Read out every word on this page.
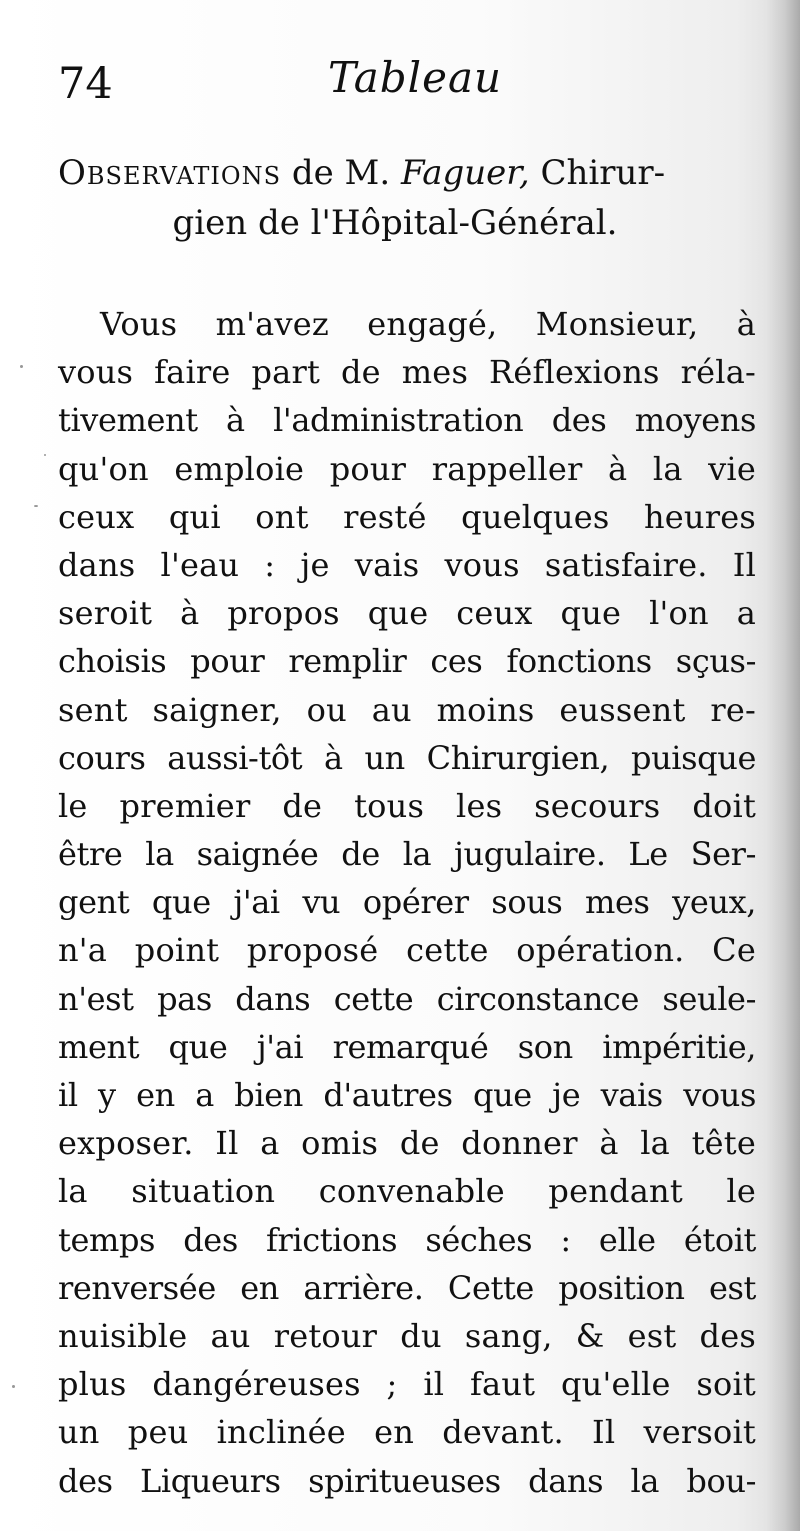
74	Tableau
Observations de M. Faguer, Chirur-
gien de l'Hôpital-Général.
Vous m'avez engagé, Monsieur, à
vous faire part de mes Réflexions réla-
tivement à l'administration des moyens
qu'on emploie pour rappeller à la vie
ceux qui ont resté quelques heures
dans l'eau : je vais vous satisfaire. Il
seroit à propos que ceux que l'on a
choisis pour remplir ces fonctions sçus-
sent saigner, ou au moins eussent re-
cours aussi-tôt à un Chirurgien, puisque
le premier de tous les secours doit
être la saignée de la jugulaire. Le Ser-
gent que j'ai vu opérer sous mes yeux,
n'a point proposé cette opération. Ce
n'est pas dans cette circonstance seule-
ment que j'ai remarqué son impéritie,
il y en a bien d'autres que je vais vous
exposer. Il a omis de donner à la tête
la situation convenable pendant le
temps des frictions séches : elle étoit
renversée en arrière. Cette position est
nuisible au retour du sang, & est des
plus dangéreuses ; il faut qu'elle soit
un peu inclinée en devant. Il versoit
des Liqueurs spiritueuses dans la bou-
